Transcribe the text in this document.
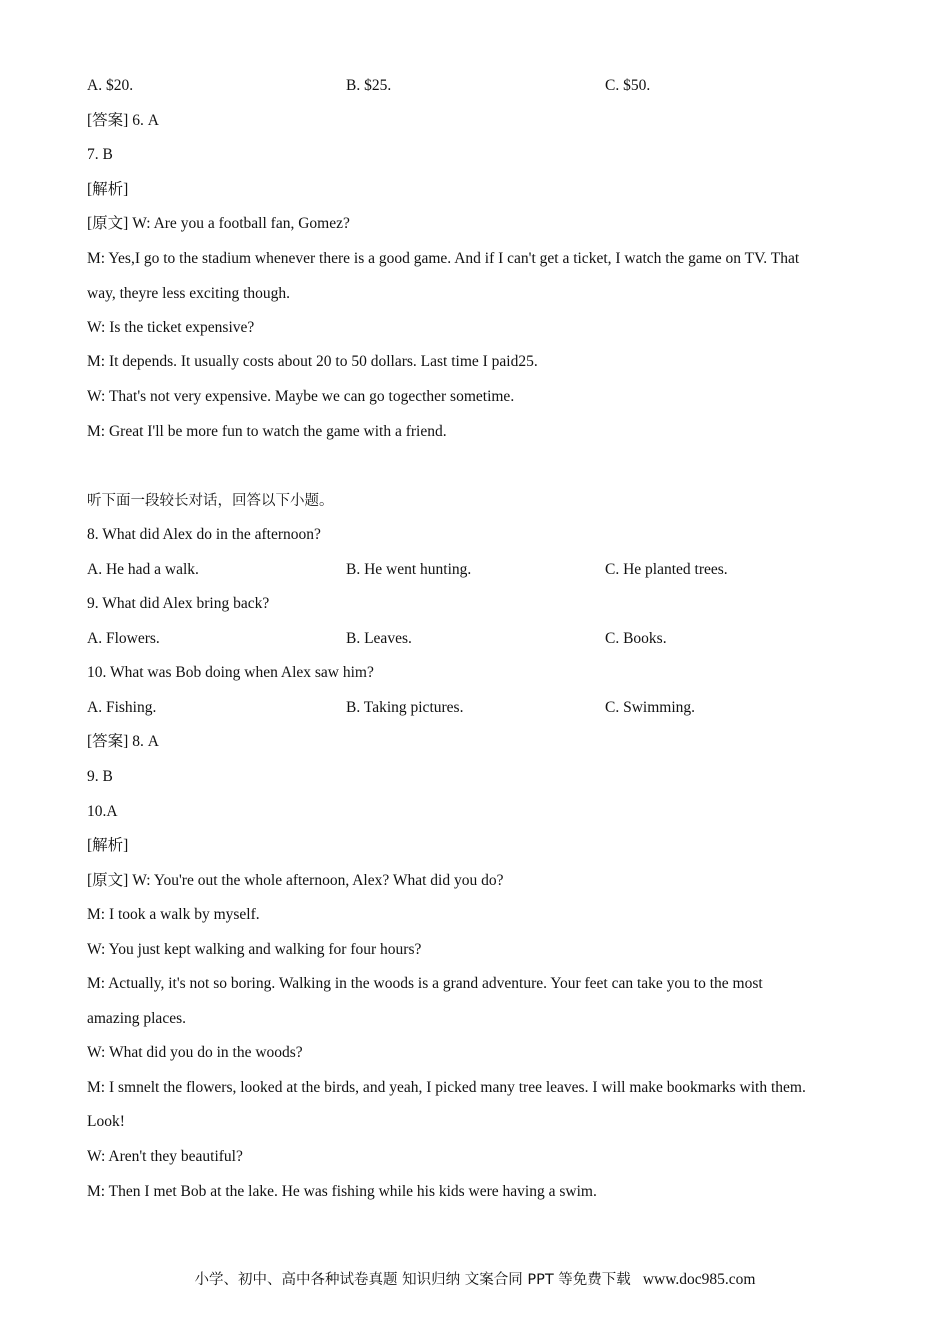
A. $20.	B. $25.	C. $50.
[答案] 6. A
7. B
[解析]
[原文] W: Are you a football fan, Gomez?
M: Yes,I go to the stadium whenever there is a good game. And if I can't get a ticket, I watch the game on TV. That
way, theyre less exciting though.
W: Is the ticket expensive?
M: It depends. It usually costs about 20 to 50 dollars. Last time I paid25.
W: That's not very expensive. Maybe we can go togecther sometime.
M: Great I'll be more fun to watch the game with a friend.
听下面一段较长对话，回答以下小题。
8. What did Alex do in the afternoon?
A. He had a walk.	B. He went hunting.	C. He planted trees.
9. What did Alex bring back?
A. Flowers.	B. Leaves.	C. Books.
10. What was Bob doing when Alex saw him?
A. Fishing.	B. Taking pictures.	C. Swimming.
[答案] 8. A
9. B
10.A
[解析]
[原文] W: You're out the whole afternoon, Alex? What did you do?
M: I took a walk by myself.
W: You just kept walking and walking for four hours?
M: Actually, it's not so boring. Walking in the woods is a grand adventure. Your feet can take you to the most
amazing places.
W: What did you do in the woods?
M: I smnelt the flowers, looked at the birds, and yeah, I picked many tree leaves. I will make bookmarks with them.
Look!
W: Aren't they beautiful?
M: Then I met Bob at the lake. He was fishing while his kids were having a swim.
小学、初中、高中各种试卷真题 知识归纳 文案合同 PPT 等免费下载 www.doc985.com
